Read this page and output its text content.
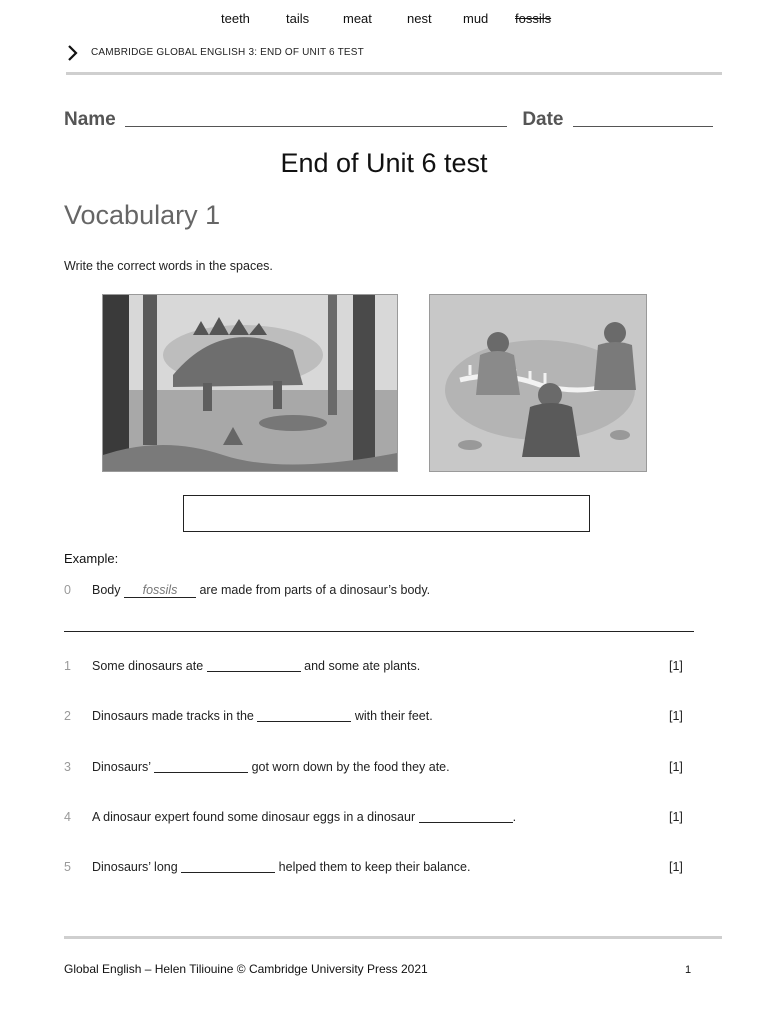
CAMBRIDGE GLOBAL ENGLISH 3: END OF UNIT 6 TEST
Name	Date
End of Unit 6 test
Vocabulary 1
Write the correct words in the spaces.
teeth	tails	meat	nest mud fossils
Example:
0 Body fossils are made from parts of a dinosaur’s body.
1 Some dinosaurs ate	and some ate plants.	[1]
2 Dinosaurs made tracks in the	with their feet.	[1]
3 Dinosaurs’	got worn down by the food they ate.	[1]
4 A dinosaur expert found some dinosaur eggs in a dinosaur	.	[1]
5 Dinosaurs’ long	helped them to keep their balance.	[1]
Global English – Helen Tiliouine © Cambridge University Press 2021	1
